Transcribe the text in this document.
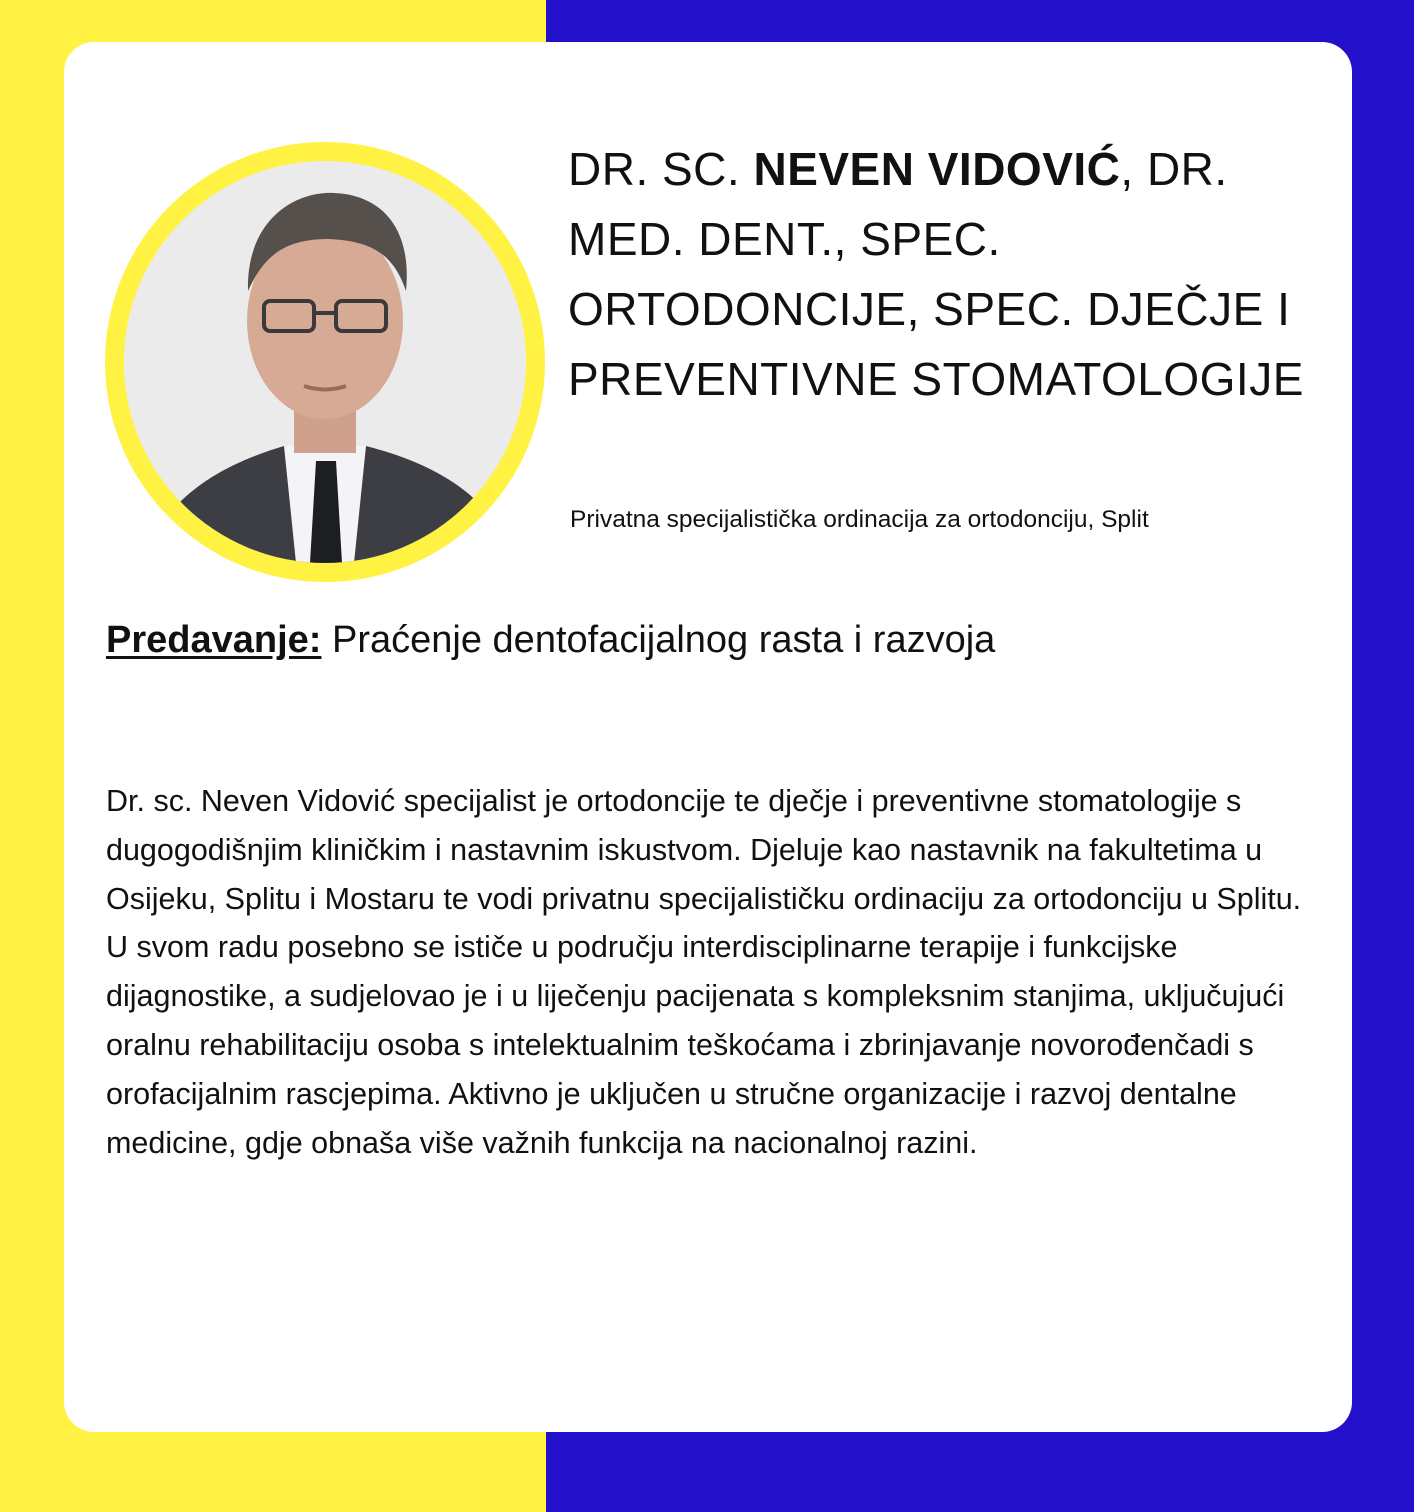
DR. SC. NEVEN VIDOVIĆ, DR. MED. DENT., SPEC. ORTODONCIJE, SPEC. DJEČJE I PREVENTIVNE STOMATOLOGIJE
Privatna specijalistička ordinacija za ortodonciju, Split
Predavanje: Praćenje dentofacijalnog rasta i razvoja

Dr. sc. Neven Vidović specijalist je ortodoncije te dječje i preventivne stomatologije s dugogodišnjim kliničkim i nastavnim iskustvom. Djeluje kao nastavnik na fakultetima u Osijeku, Splitu i Mostaru te vodi privatnu specijalističku ordinaciju za ortodonciju u Splitu.

U svom radu posebno se ističe u području interdisciplinarne terapije i funkcijske dijagnostike, a sudjelovao je i u liječenju pacijenata s kompleksnim stanjima, uključujući oralnu rehabilitaciju osoba s intelektualnim teškoćama i zbrinjavanje novorođenčadi s orofacijalnim rascjepima. Aktivno je uključen u stručne organizacije i razvoj dentalne medicine, gdje obnaša više važnih funkcija na nacionalnoj razini.
